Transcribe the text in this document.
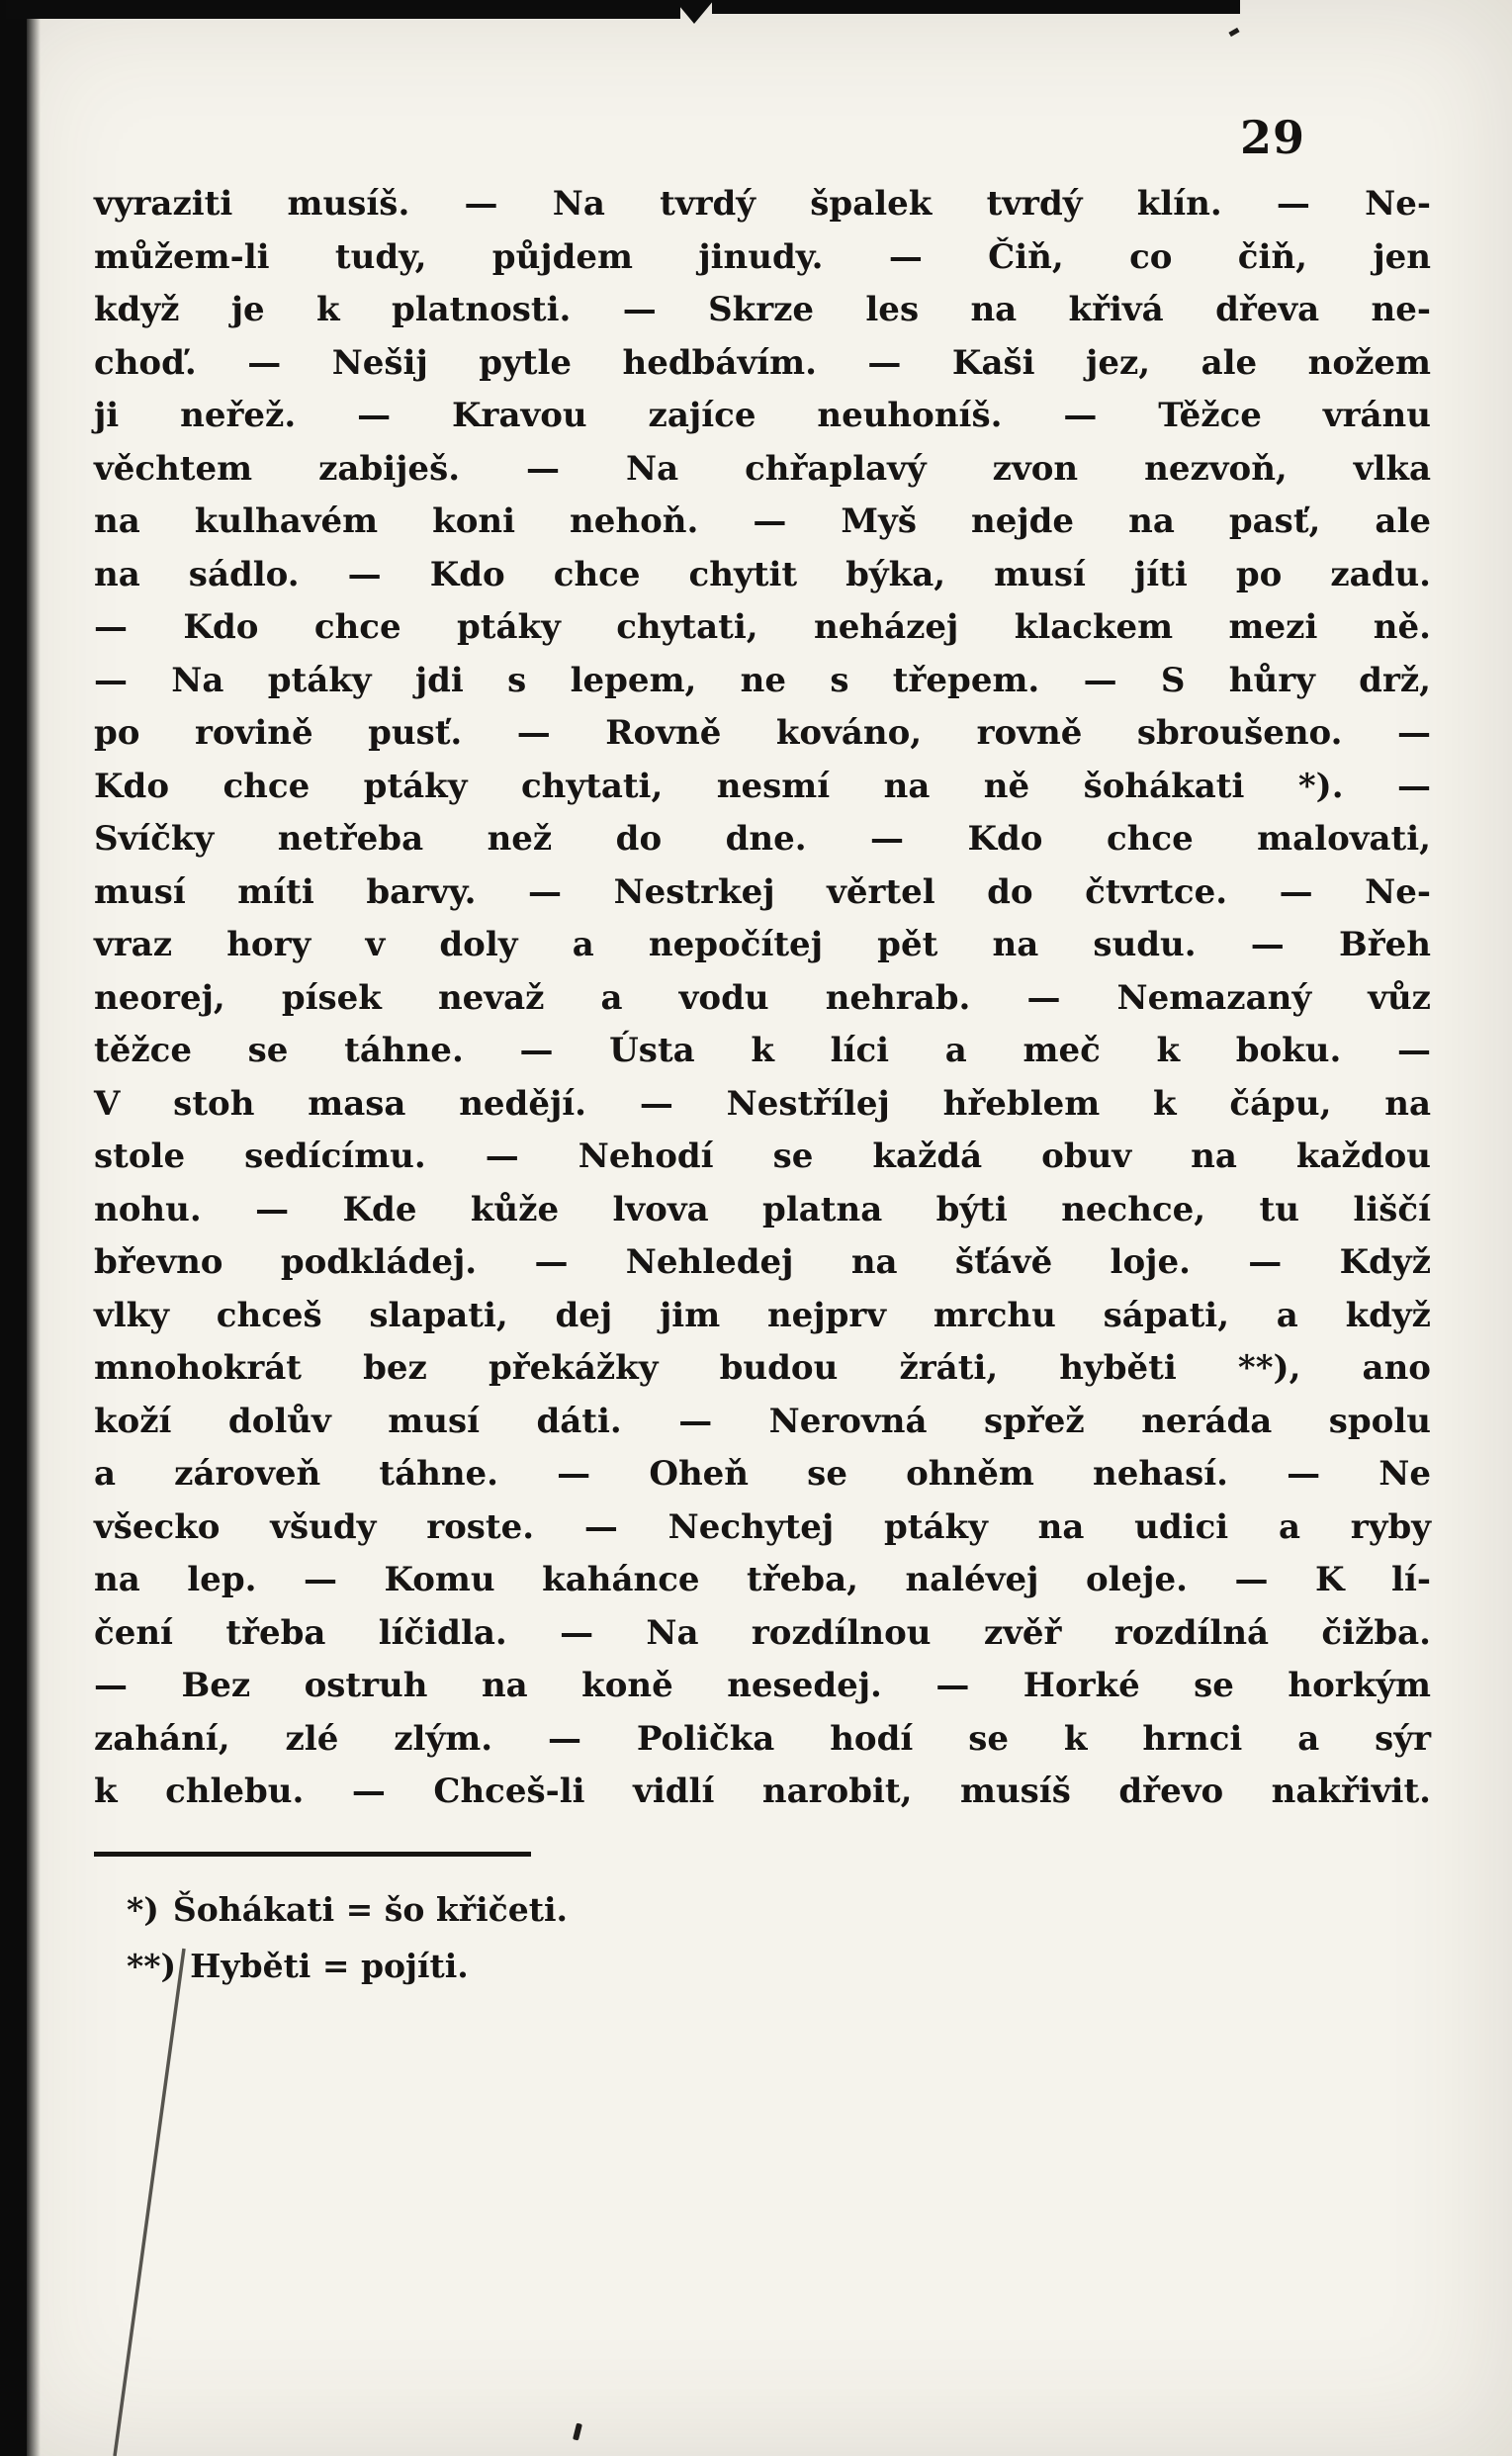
29
vyraziti musíš. — Na tvrdý špalek tvrdý klín. — Ne-
můžem-li tudy, půjdem jinudy. — Čiň, co čiň, jen
když je k platnosti. — Skrze les na křivá dřeva ne-
choď. — Nešij pytle hedbávím. — Kaši jez, ale nožem
ji neřež. — Kravou zajíce neuhoníš. — Těžce vránu
věchtem zabiješ. — Na chřaplavý zvon nezvoň, vlka
na kulhavém koni nehoň. — Myš nejde na pasť, ale
na sádlo. — Kdo chce chytit býka, musí jíti po zadu.
— Kdo chce ptáky chytati, neházej klackem mezi ně.
— Na ptáky jdi s lepem, ne s třepem. — S hůry drž,
po rovině pusť. — Rovně kováno, rovně sbroušeno. —
Kdo chce ptáky chytati, nesmí na ně šohákati *). —
Svíčky netřeba než do dne. — Kdo chce malovati,
musí míti barvy. — Nestrkej věrtel do čtvrtce. — Ne-
vraz hory v doly a nepočítej pět na sudu. — Břeh
neorej, písek nevaž a vodu nehrab. — Nemazaný vůz
těžce se táhne. — Ústa k líci a meč k boku. —
V stoh masa nedějí. — Nestřílej hřeblem k čápu, na
stole sedícímu. — Nehodí se každá obuv na každou
nohu. — Kde kůže lvova platna býti nechce, tu liščí
břevno podkládej. — Nehledej na šťávě loje. — Když
vlky chceš slapati, dej jim nejprv mrchu sápati, a když
mnohokrát bez překážky budou žráti, hyběti **), ano
koží dolův musí dáti. — Nerovná spřež neráda spolu
a zároveň táhne. — Oheň se ohněm nehasí. — Ne
všecko všudy roste. — Nechytej ptáky na udici a ryby
na lep. — Komu kahánce třeba, nalévej oleje. — K lí-
čení třeba líčidla. — Na rozdílnou zvěř rozdílná čižba.
— Bez ostruh na koně nesedej. — Horké se horkým
zahání, zlé zlým. — Polička hodí se k hrnci a sýr
k chlebu. — Chceš-li vidlí narobit, musíš dřevo nakřivit.
*) Šohákati = šo křičeti.
**) Hyběti = pojíti.
